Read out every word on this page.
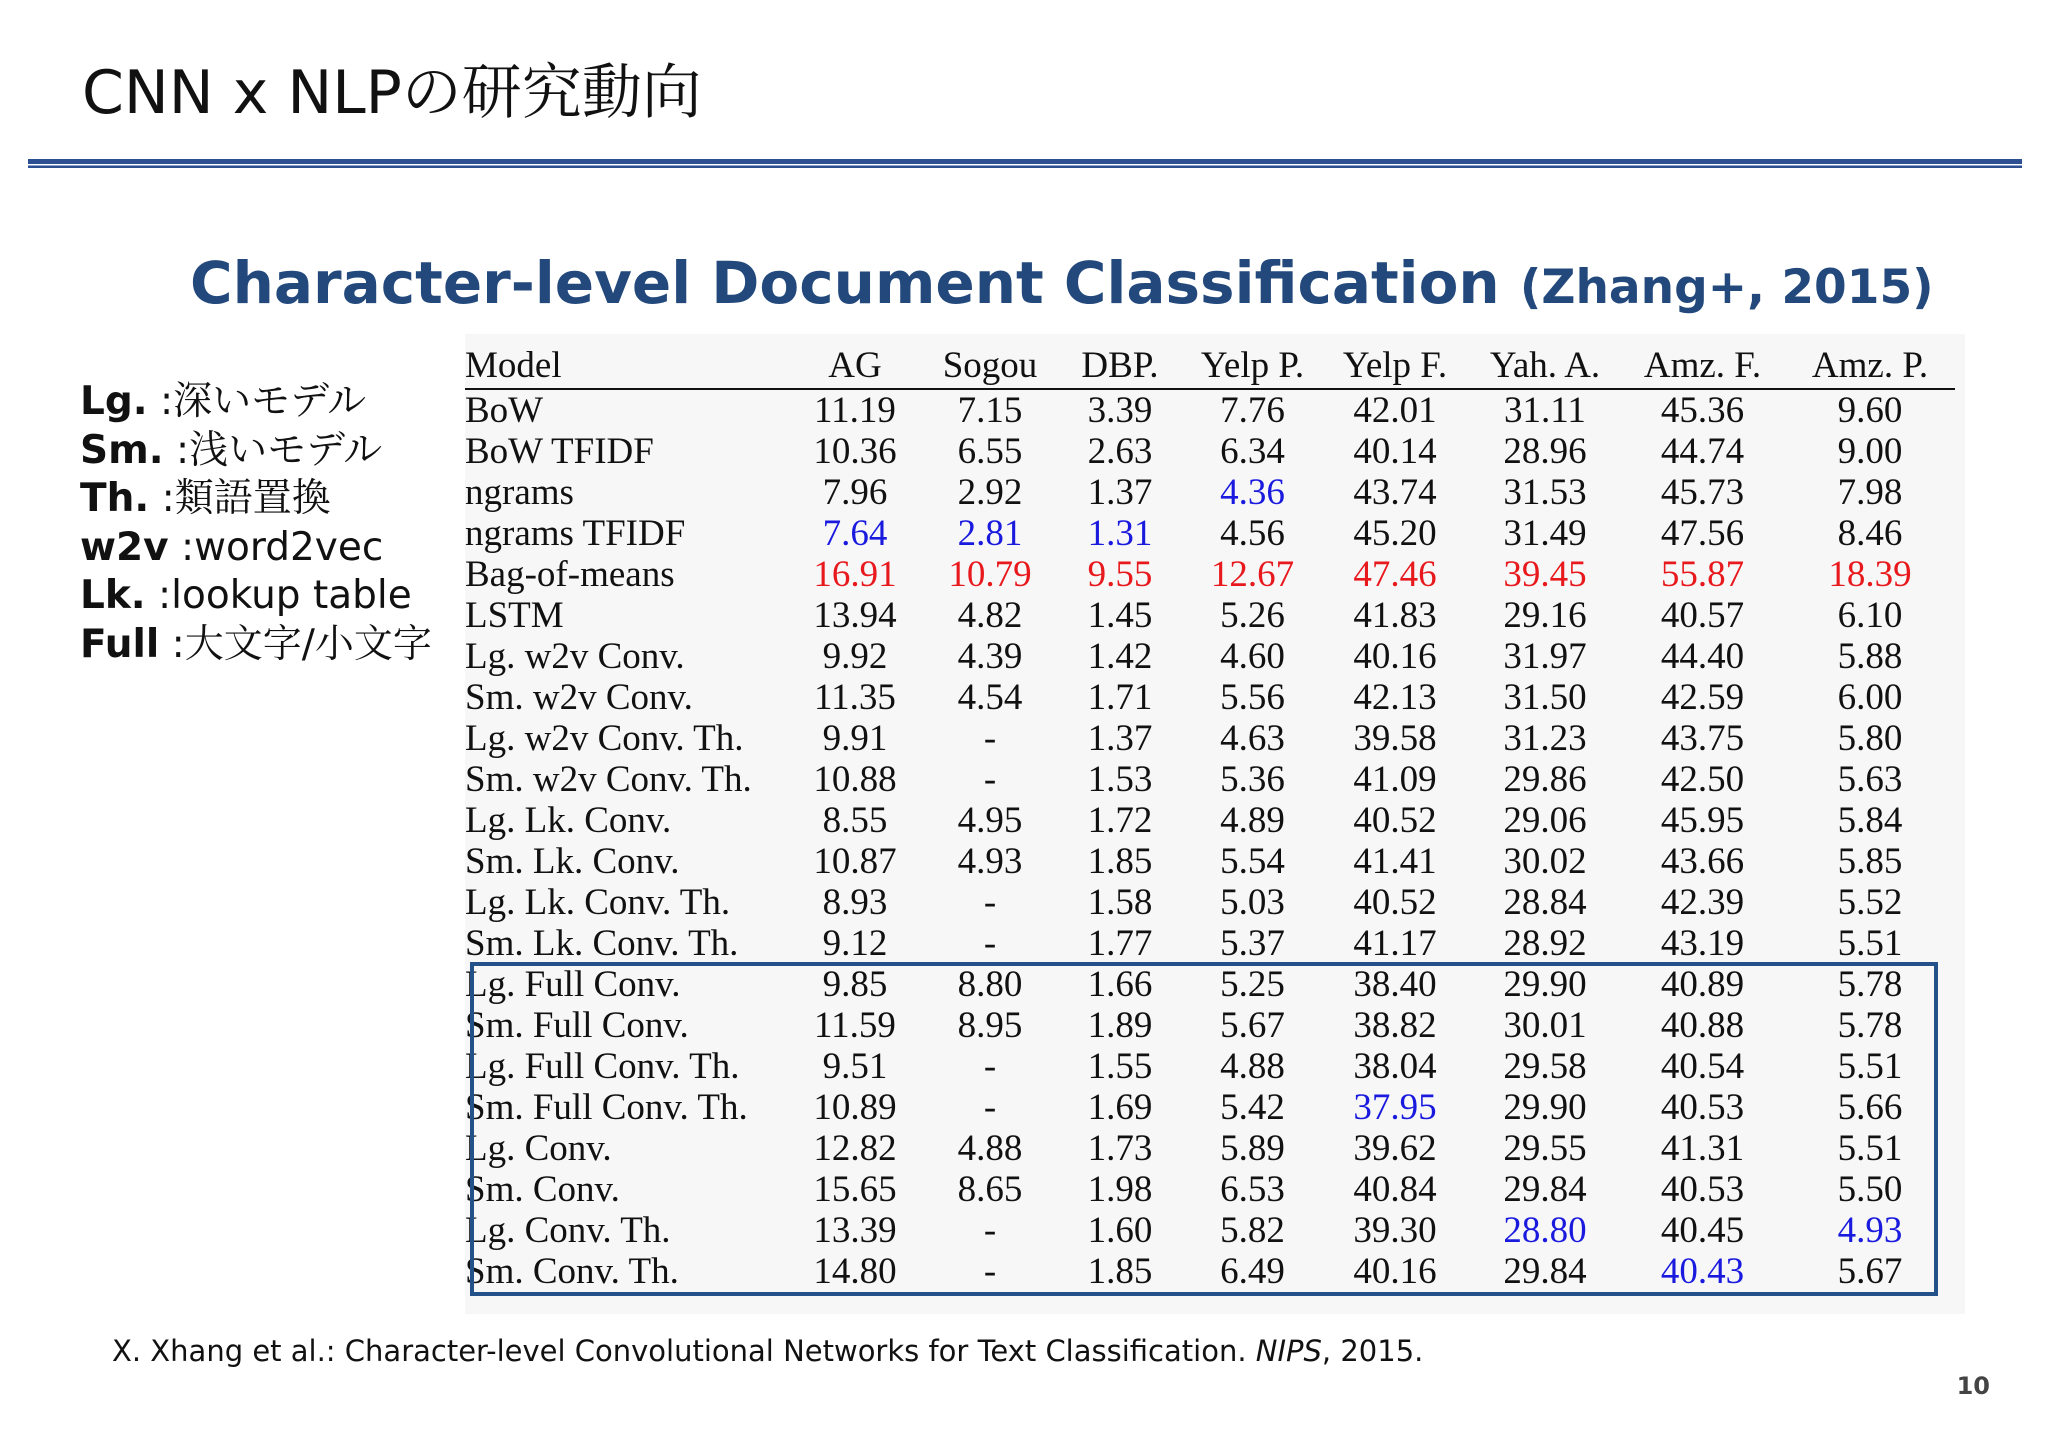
CNN x NLPの研究動向
Character-level Document Classification (Zhang+, 2015)
Lg. :深いモデル
Sm. :浅いモデル
Th. :類語置換
w2v :word2vec
Lk. :lookup table
Full :大文字/小文字
Model	AG	Sogou	DBP.	Yelp P.	Yelp F.	Yah. A.	Amz. F.	Amz. P.
BoW	11.19	7.15	3.39	7.76	42.01	31.11	45.36	9.60
BoW TFIDF	10.36	6.55	2.63	6.34	40.14	28.96	44.74	9.00
ngrams	7.96	2.92	1.37	4.36	43.74	31.53	45.73	7.98
ngrams TFIDF	7.64	2.81	1.31	4.56	45.20	31.49	47.56	8.46
Bag-of-means	16.91	10.79	9.55	12.67	47.46	39.45	55.87	18.39
LSTM	13.94	4.82	1.45	5.26	41.83	29.16	40.57	6.10
Lg. w2v Conv.	9.92	4.39	1.42	4.60	40.16	31.97	44.40	5.88
Sm. w2v Conv.	11.35	4.54	1.71	5.56	42.13	31.50	42.59	6.00
Lg. w2v Conv. Th.	9.91	-	1.37	4.63	39.58	31.23	43.75	5.80
Sm. w2v Conv. Th.	10.88	-	1.53	5.36	41.09	29.86	42.50	5.63
Lg. Lk. Conv.	8.55	4.95	1.72	4.89	40.52	29.06	45.95	5.84
Sm. Lk. Conv.	10.87	4.93	1.85	5.54	41.41	30.02	43.66	5.85
Lg. Lk. Conv. Th.	8.93	-	1.58	5.03	40.52	28.84	42.39	5.52
Sm. Lk. Conv. Th.	9.12	-	1.77	5.37	41.17	28.92	43.19	5.51
Lg. Full Conv.	9.85	8.80	1.66	5.25	38.40	29.90	40.89	5.78
Sm. Full Conv.	11.59	8.95	1.89	5.67	38.82	30.01	40.88	5.78
Lg. Full Conv. Th.	9.51	-	1.55	4.88	38.04	29.58	40.54	5.51
Sm. Full Conv. Th.	10.89	-	1.69	5.42	37.95	29.90	40.53	5.66
Lg. Conv.	12.82	4.88	1.73	5.89	39.62	29.55	41.31	5.51
Sm. Conv.	15.65	8.65	1.98	6.53	40.84	29.84	40.53	5.50
Lg. Conv. Th.	13.39	-	1.60	5.82	39.30	28.80	40.45	4.93
Sm. Conv. Th.	14.80	-	1.85	6.49	40.16	29.84	40.43	5.67
X. Xhang et al.: Character-level Convolutional Networks for Text Classification. NIPS, 2015.
10
